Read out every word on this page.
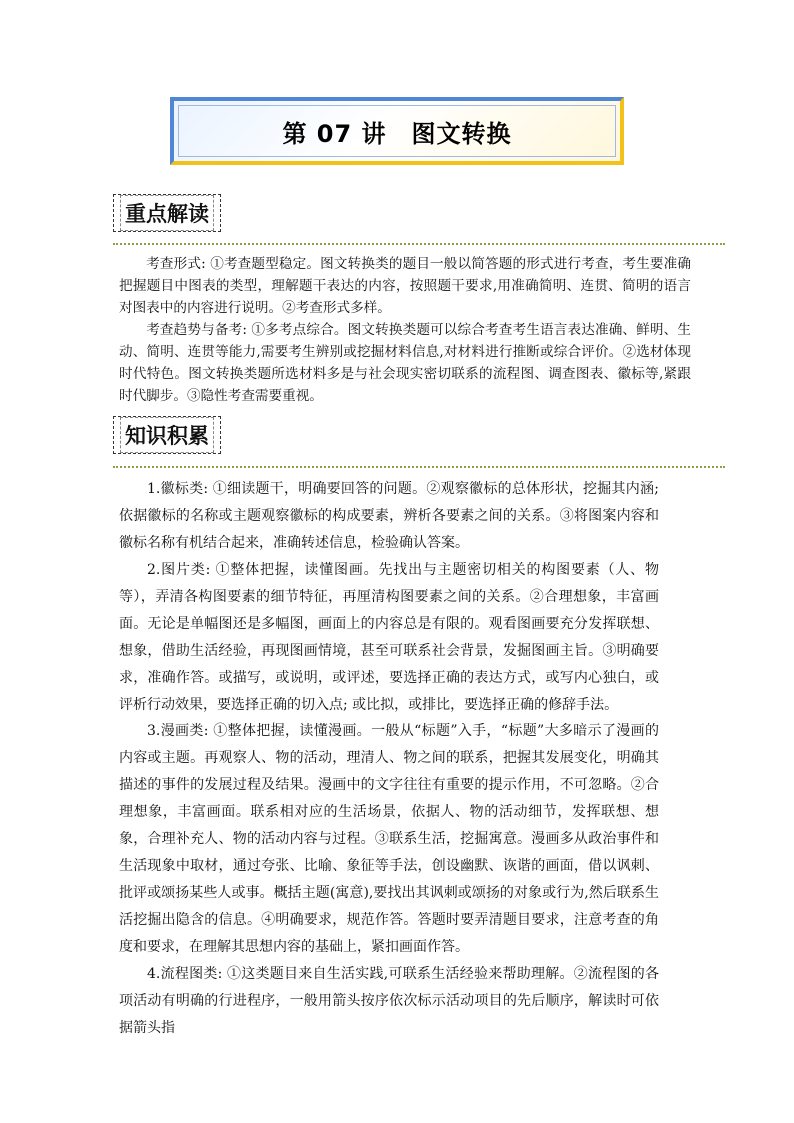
第 07 讲　图文转换
重点解读

考查形式: ①考查题型稳定。图文转换类的题目一般以简答题的形式进行考查，考生要准确把握题目中图表的类型，理解题干表达的内容，按照题干要求,用准确简明、连贯、简明的语言对图表中的内容进行说明。②考查形式多样。

考查趋势与备考: ①多考点综合。图文转换类题可以综合考查考生语言表达准确、鲜明、生动、简明、连贯等能力,需要考生辨别或挖掘材料信息,对材料进行推断或综合评价。②选材体现时代特色。图文转换类题所选材料多是与社会现实密切联系的流程图、调查图表、徽标等,紧跟时代脚步。③隐性考查需要重视。

知识积累

1.徽标类: ①细读题干，明确要回答的问题。②观察徽标的总体形状，挖掘其内涵; 依据徽标的名称或主题观察徽标的构成要素，辨析各要素之间的关系。③将图案内容和徽标名称有机结合起来，准确转述信息，检验确认答案。

2.图片类: ①整体把握，读懂图画。先找出与主题密切相关的构图要素（人、物等），弄清各构图要素的细节特征，再厘清构图要素之间的关系。②合理想象，丰富画面。无论是单幅图还是多幅图，画面上的内容总是有限的。观看图画要充分发挥联想、想象，借助生活经验，再现图画情境，甚至可联系社会背景，发掘图画主旨。③明确要求，准确作答。或描写，或说明，或评述，要选择正确的表达方式，或写内心独白，或评析行动效果，要选择正确的切入点; 或比拟，或排比，要选择正确的修辞手法。

3.漫画类: ①整体把握，读懂漫画。一般从“标题”入手，“标题”大多暗示了漫画的内容或主题。再观察人、物的活动，理清人、物之间的联系，把握其发展变化，明确其描述的事件的发展过程及结果。漫画中的文字往往有重要的提示作用，不可忽略。②合理想象，丰富画面。联系相对应的生活场景，依据人、物的活动细节，发挥联想、想象，合理补充人、物的活动内容与过程。③联系生活，挖掘寓意。漫画多从政治事件和生活现象中取材，通过夸张、比喻、象征等手法，创设幽默、诙谐的画面，借以讽刺、批评或颂扬某些人或事。概括主题(寓意),要找出其讽刺或颂扬的对象或行为,然后联系生活挖掘出隐含的信息。④明确要求，规范作答。答题时要弄清题目要求，注意考查的角度和要求，在理解其思想内容的基础上，紧扣画面作答。

4.流程图类: ①这类题目来自生活实践,可联系生活经验来帮助理解。②流程图的各项活动有明确的行进程序，一般用箭头按序依次标示活动项目的先后顺序，解读时可依据箭头指
